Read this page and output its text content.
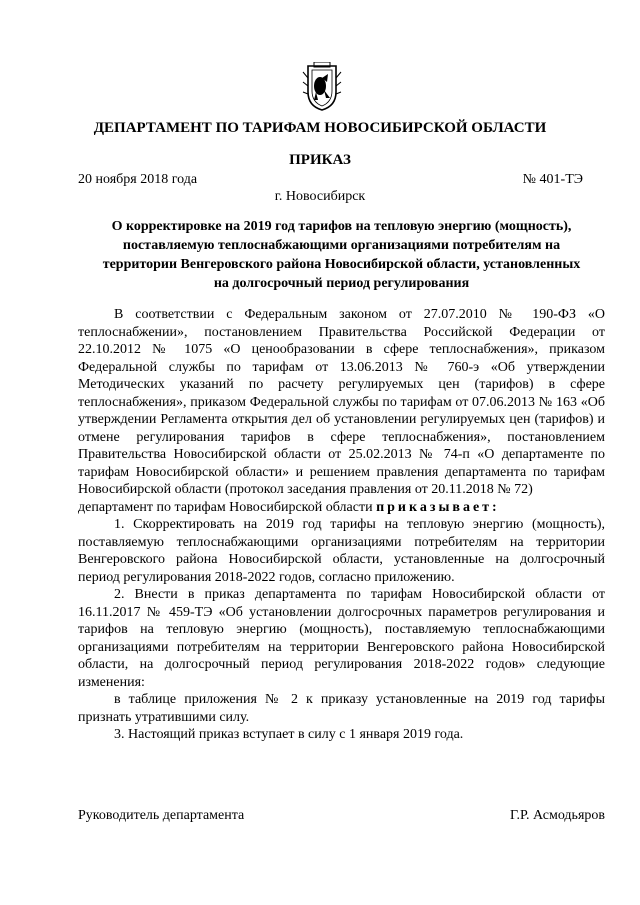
ДЕПАРТАМЕНТ ПО ТАРИФАМ НОВОСИБИРСКОЙ ОБЛАСТИ
ПРИКАЗ
20 ноября 2018 года	№ 401-ТЭ
г. Новосибирск
О корректировке на 2019 год тарифов на тепловую энергию (мощность),
поставляемую теплоснабжающими организациями потребителям на
территории Венгеровского района Новосибирской области, установленных
на долгосрочный период регулирования

В соответствии с Федеральным законом от 27.07.2010 № 190-ФЗ «О теплоснабжении», постановлением Правительства Российской Федерации от 22.10.2012 № 1075 «О ценообразовании в сфере теплоснабжения», приказом Федеральной службы по тарифам от 13.06.2013 № 760-э «Об утверждении Методических указаний по расчету регулируемых цен (тарифов) в сфере теплоснабжения», приказом Федеральной службы по тарифам от 07.06.2013 № 163 «Об утверждении Регламента открытия дел об установлении регулируемых цен (тарифов) и отмене регулирования тарифов в сфере теплоснабжения», постановлением Правительства Новосибирской области от 25.02.2013 № 74-п «О департаменте по тарифам Новосибирской области» и решением правления департамента по тарифам Новосибирской области (протокол заседания правления от 20.11.2018 № 72)

департамент по тарифам Новосибирской области приказывает:

1. Скорректировать на 2019 год тарифы на тепловую энергию (мощность), поставляемую теплоснабжающими организациями потребителям на территории Венгеровского района Новосибирской области, установленные на долгосрочный период регулирования 2018-2022 годов, согласно приложению.

2. Внести в приказ департамента по тарифам Новосибирской области от 16.11.2017 № 459-ТЭ «Об установлении долгосрочных параметров регулирования и тарифов на тепловую энергию (мощность), поставляемую теплоснабжающими организациями потребителям на территории Венгеровского района Новосибирской области, на долгосрочный период регулирования 2018-2022 годов» следующие изменения:

в таблице приложения № 2 к приказу установленные на 2019 год тарифы признать утратившими силу.

3. Настоящий приказ вступает в силу с 1 января 2019 года.

Руководитель департамента	Г.Р. Асмодьяров
